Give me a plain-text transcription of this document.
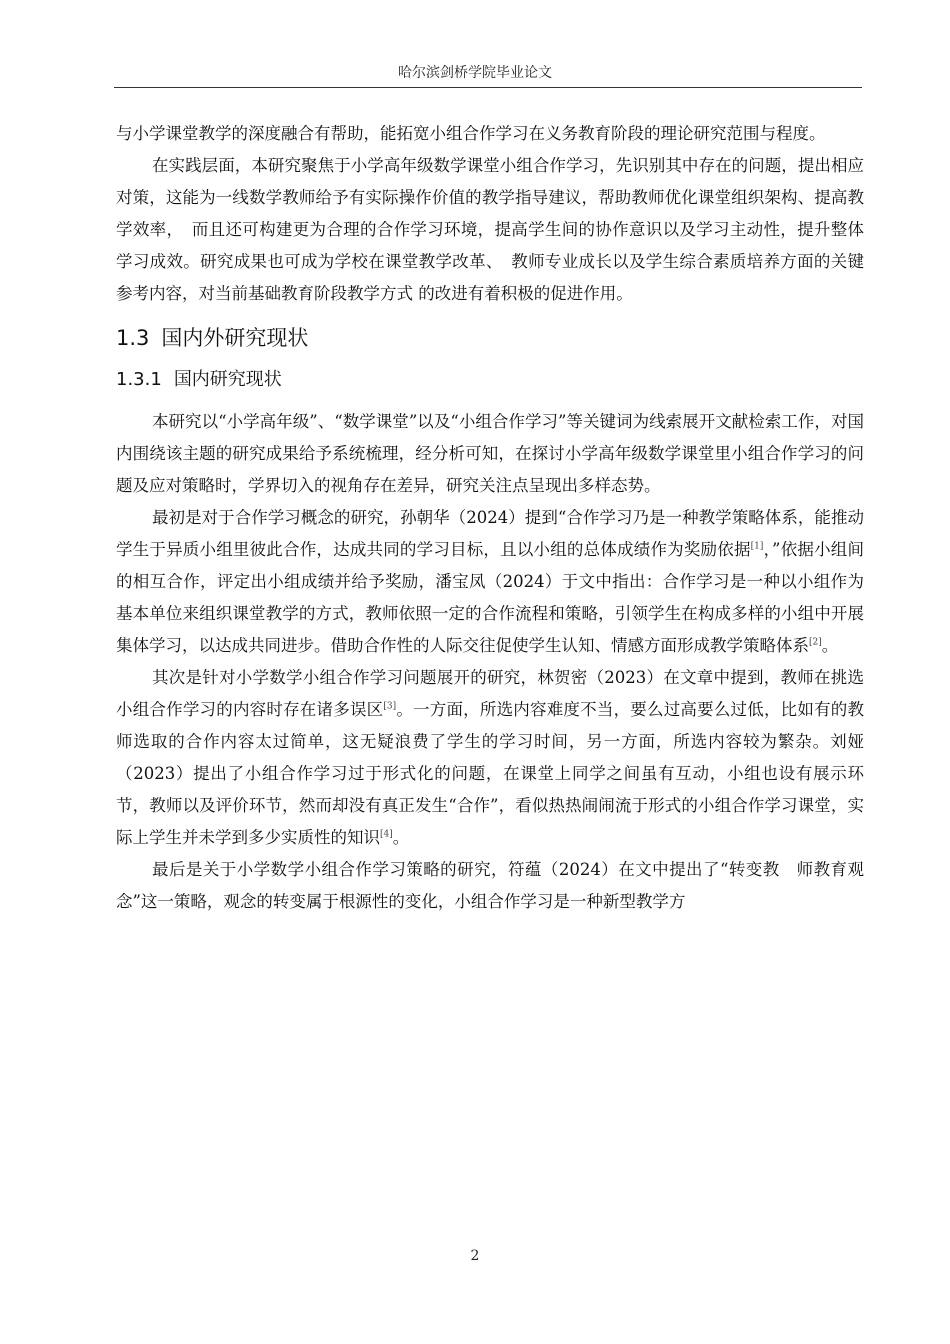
哈尔滨剑桥学院毕业论文

与小学课堂教学的深度融合有帮助，能拓宽小组合作学习在义务教育阶段的理论研究范围与程度。

在实践层面，本研究聚焦于小学高年级数学课堂小组合作学习，先识别其中存在的问题，提出相应对策，这能为一线数学教师给予有实际操作价值的教学指导建议，帮助教师优化课堂组织架构、提高教学效率，　而且还可构建更为合理的合作学习环境，提高学生间的协作意识以及学习主动性，提升整体学习成效。研究成果也可成为学校在课堂教学改革、　教师专业成长以及学生综合素质培养方面的关键参考内容，对当前基础教育阶段教学方式 的改进有着积极的促进作用。

1.3 国内外研究现状
1.3.1 国内研究现状

本研究以“小学高年级”、“数学课堂”以及“小组合作学习”等关键词为线索展开文献检索工作，对国内围绕该主题的研究成果给予系统梳理，经分析可知，在探讨小学高年级数学课堂里小组合作学习的问题及应对策略时，学界切入的视角存在差异，研究关注点呈现出多样态势。

最初是对于合作学习概念的研究，孙朝华（2024）提到“合作学习乃是一种教学策略体系，能推动学生于异质小组里彼此合作，达成共同的学习目标，且以小组的总体成绩作为奖励依据[1]，”依据小组间的相互合作，评定出小组成绩并给予奖励，潘宝凤（2024）于文中指出：合作学习是一种以小组作为基本单位来组织课堂教学的方式，教师依照一定的合作流程和策略，引领学生在构成多样的小组中开展集体学习，以达成共同进步。借助合作性的人际交往促使学生认知、情感方面形成教学策略体系[2]。

其次是针对小学数学小组合作学习问题展开的研究，林贺密（2023）在文章中提到，教师在挑选小组合作学习的内容时存在诸多误区[3]。一方面，所选内容难度不当，要么过高要么过低，比如有的教师选取的合作内容太过简单，这无疑浪费了学生的学习时间，另一方面，所选内容较为繁杂。刘娅（2023）提出了小组合作学习过于形式化的问题，在课堂上同学之间虽有互动，小组也设有展示环节，教师以及评价环节，然而却没有真正发生“合作”，看似热热闹闹流于形式的小组合作学习课堂，实际上学生并未学到多少实质性的知识[4]。

最后是关于小学数学小组合作学习策略的研究，符蕴（2024）在文中提出了“转变教　师教育观念”这一策略，观念的转变属于根源性的变化，小组合作学习是一种新型教学方

2
